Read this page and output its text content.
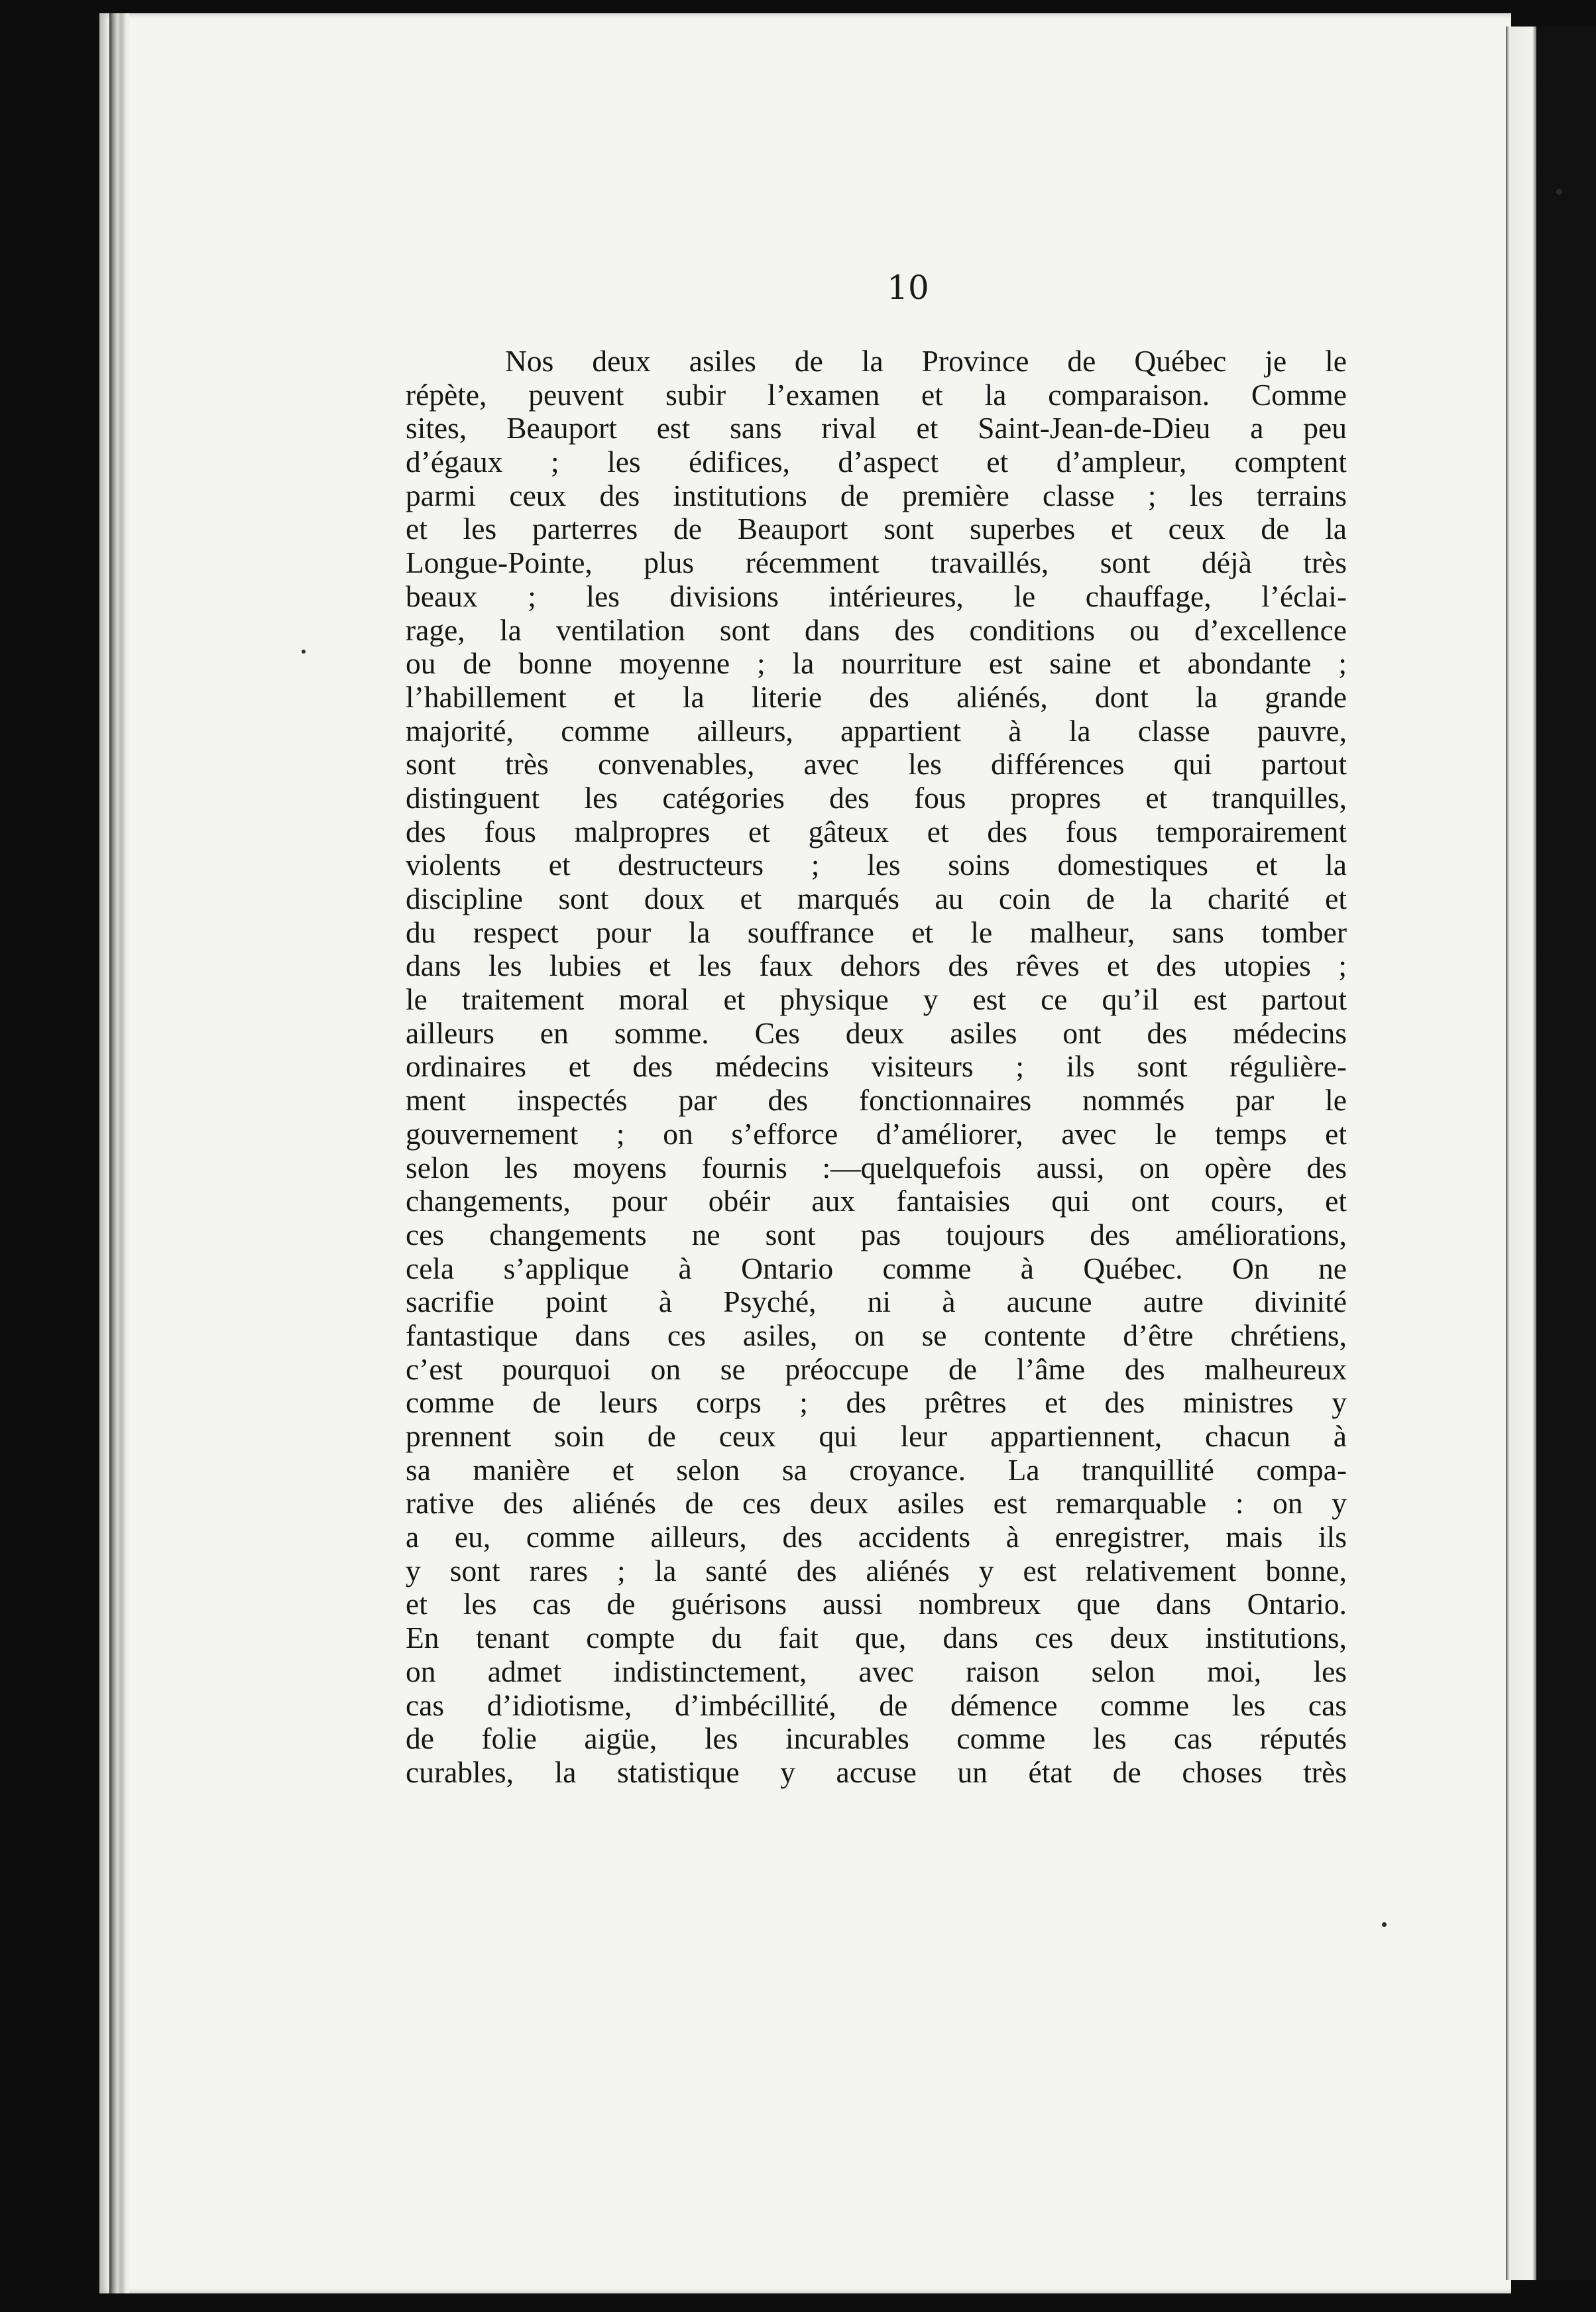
10
Nos deux asiles de la Province de Québec je le
répète, peuvent subir l’examen et la comparaison. Comme
sites, Beauport est sans rival et Saint-Jean-de-Dieu a peu
d’égaux ; les édifices, d’aspect et d’ampleur, comptent
parmi ceux des institutions de première classe ; les terrains
et les parterres de Beauport sont superbes et ceux de la
Longue-Pointe, plus récemment travaillés, sont déjà très
beaux ; les divisions intérieures, le chauffage, l’éclai-
rage, la ventilation sont dans des conditions ou d’excellence
ou de bonne moyenne ; la nourriture est saine et abondante ;
l’habillement et la literie des aliénés, dont la grande
majorité, comme ailleurs, appartient à la classe pauvre,
sont très convenables, avec les différences qui partout
distinguent les catégories des fous propres et tranquilles,
des fous malpropres et gâteux et des fous temporairement
violents et destructeurs ; les soins domestiques et la
discipline sont doux et marqués au coin de la charité et
du respect pour la souffrance et le malheur, sans tomber
dans les lubies et les faux dehors des rêves et des utopies ;
le traitement moral et physique y est ce qu’il est partout
ailleurs en somme. Ces deux asiles ont des médecins
ordinaires et des médecins visiteurs ; ils sont régulière-
ment inspectés par des fonctionnaires nommés par le
gouvernement ; on s’efforce d’améliorer, avec le temps et
selon les moyens fournis :—quelquefois aussi, on opère des
changements, pour obéir aux fantaisies qui ont cours, et
ces changements ne sont pas toujours des améliorations,
cela s’applique à Ontario comme à Québec. On ne
sacrifie point à Psyché, ni à aucune autre divinité
fantastique dans ces asiles, on se contente d’être chrétiens,
c’est pourquoi on se préoccupe de l’âme des malheureux
comme de leurs corps ; des prêtres et des ministres y
prennent soin de ceux qui leur appartiennent, chacun à
sa manière et selon sa croyance. La tranquillité compa-
rative des aliénés de ces deux asiles est remarquable : on y
a eu, comme ailleurs, des accidents à enregistrer, mais ils
y sont rares ; la santé des aliénés y est relativement bonne,
et les cas de guérisons aussi nombreux que dans Ontario.
En tenant compte du fait que, dans ces deux institutions,
on admet indistinctement, avec raison selon moi, les
cas d’idiotisme, d’imbécillité, de démence comme les cas
de folie aigüe, les incurables comme les cas réputés
curables, la statistique y accuse un état de choses très
